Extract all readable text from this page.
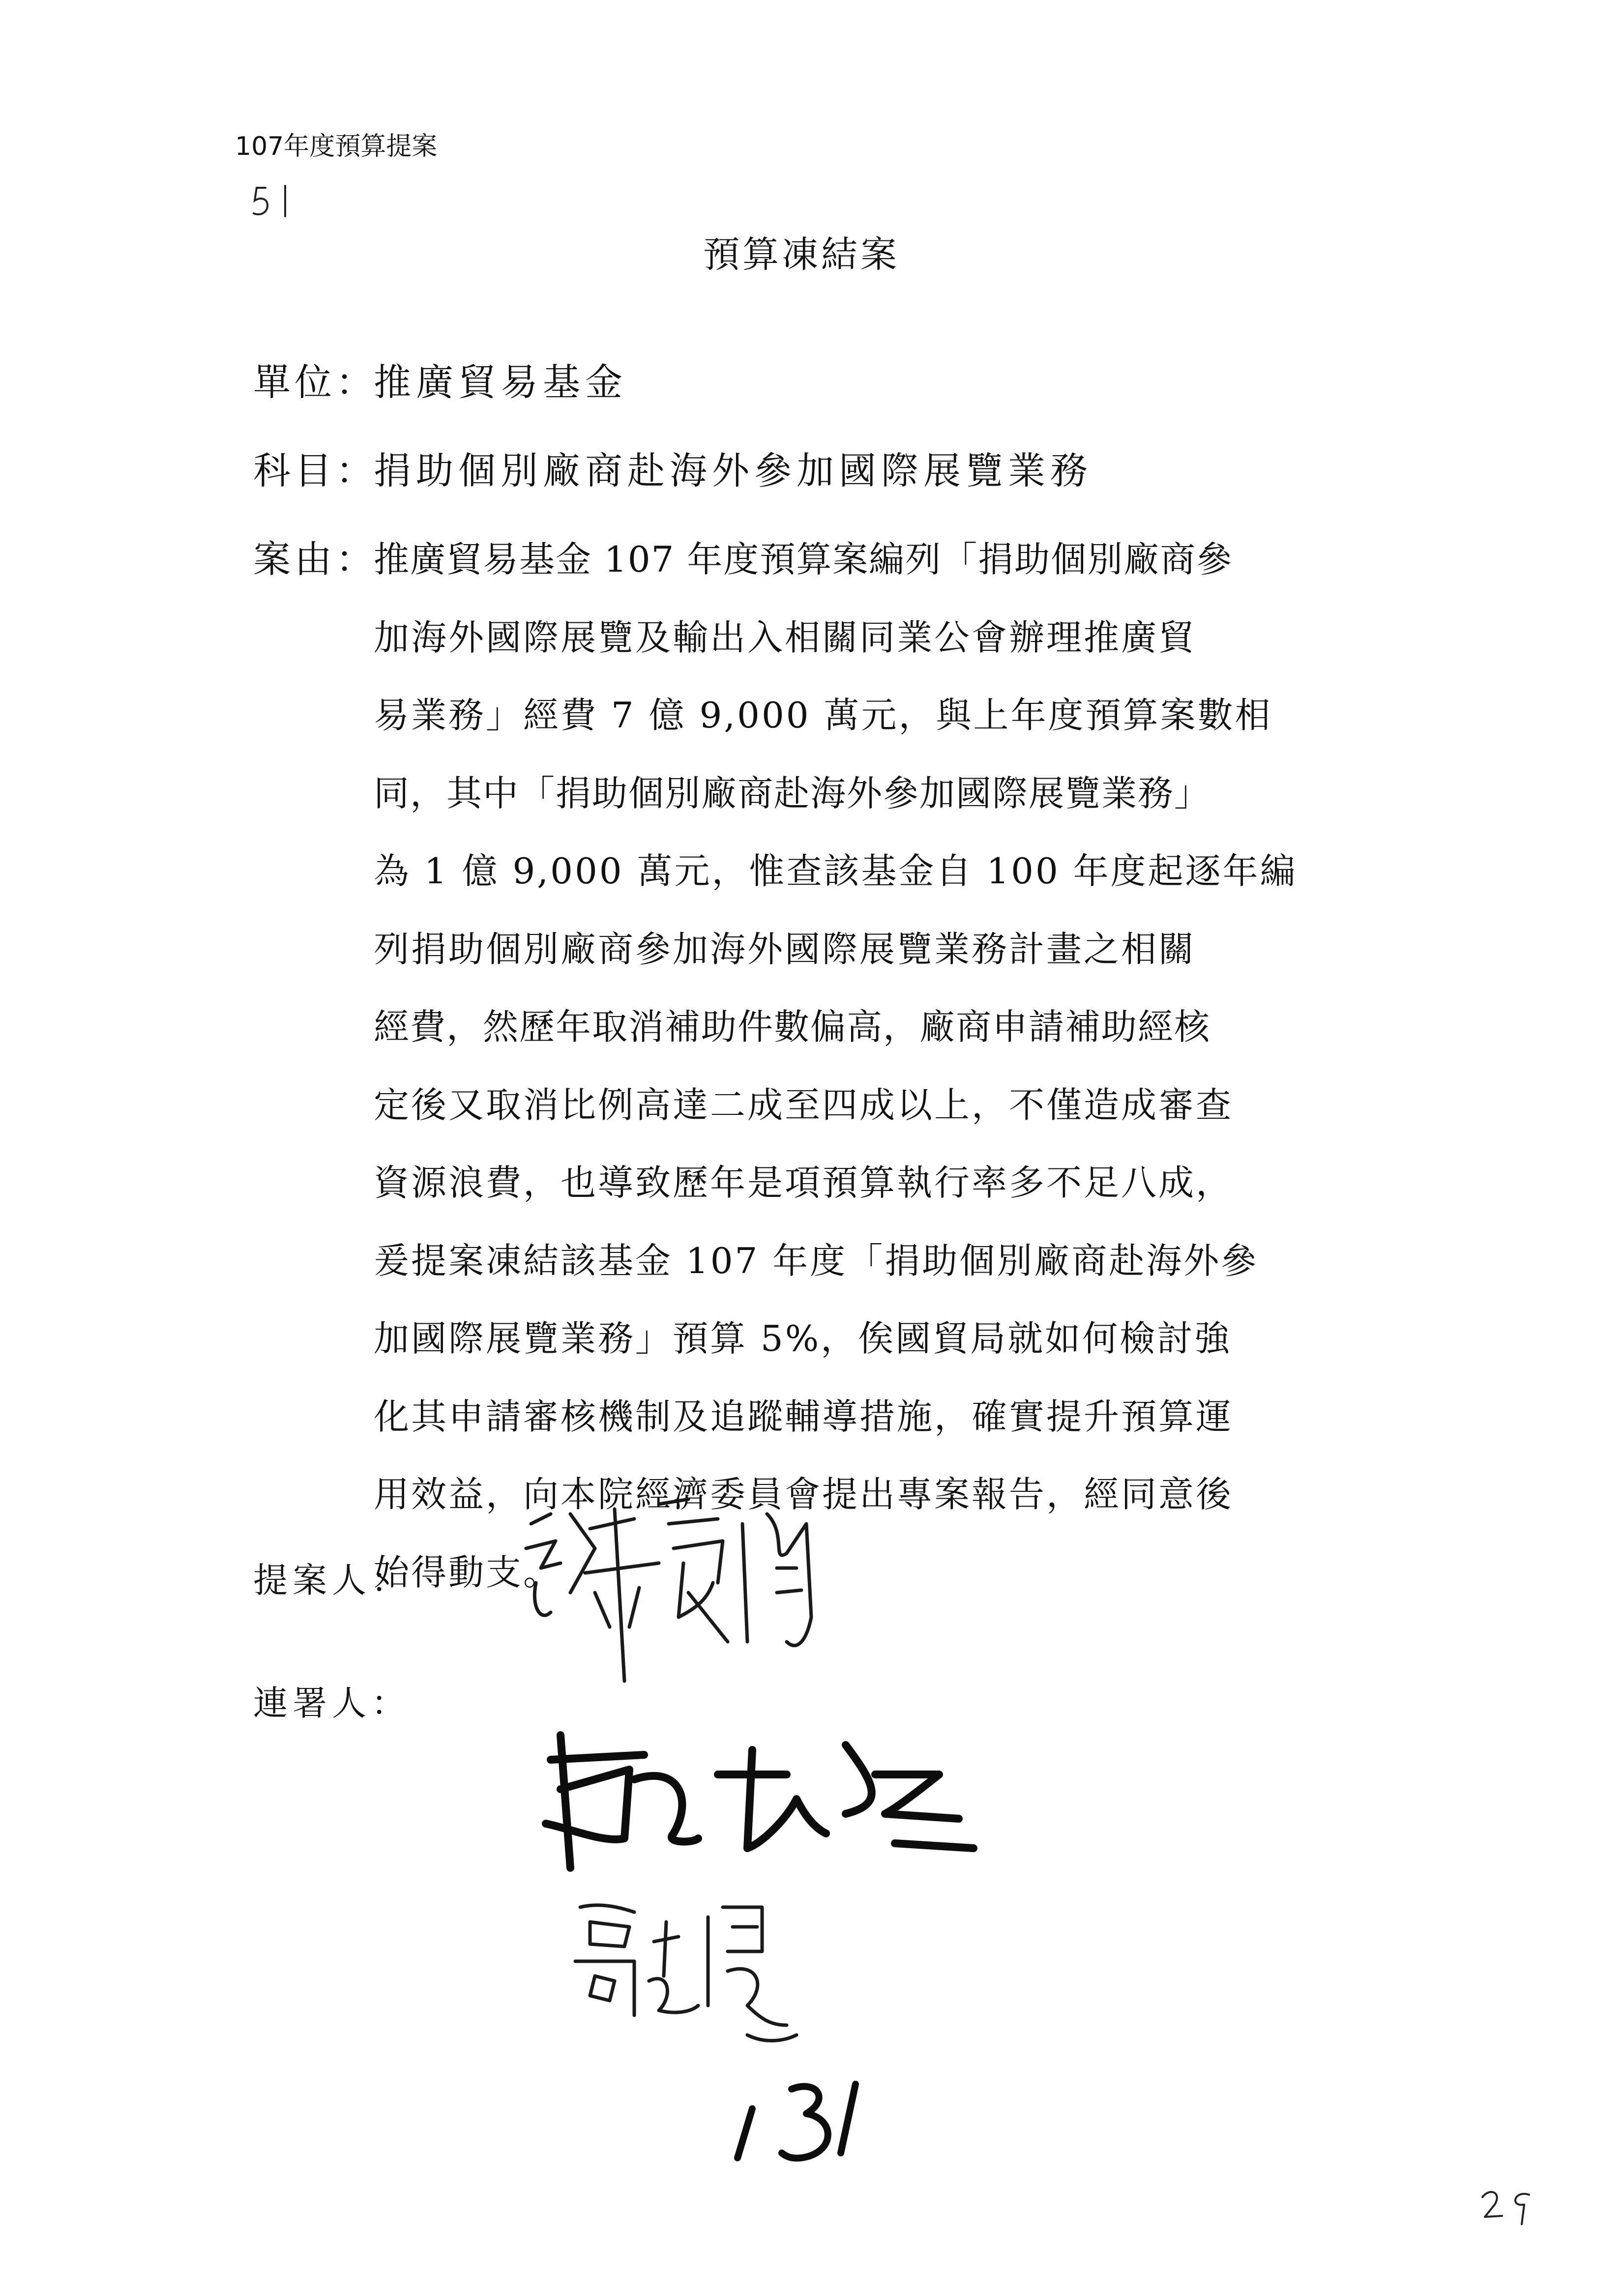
107年度預算提案
預算凍結案
單位：
推廣貿易基金
科目：
捐助個別廠商赴海外參加國際展覽業務
案由：
推廣貿易基金 107 年度預算案編列「捐助個別廠商參
加海外國際展覽及輸出入相關同業公會辦理推廣貿
易業務」經費 7 億 9,000 萬元，與上年度預算案數相
同，其中「捐助個別廠商赴海外參加國際展覽業務」
為 1 億 9,000 萬元，惟查該基金自 100 年度起逐年編
列捐助個別廠商參加海外國際展覽業務計畫之相關
經費，然歷年取消補助件數偏高，廠商申請補助經核
定後又取消比例高達二成至四成以上，不僅造成審查
資源浪費，也導致歷年是項預算執行率多不足八成，
爰提案凍結該基金 107 年度「捐助個別廠商赴海外參
加國際展覽業務」預算 5%，俟國貿局就如何檢討強
化其申請審核機制及追蹤輔導措施，確實提升預算運
用效益，向本院經濟委員會提出專案報告，經同意後
始得動支。
提案人：
連署人：
